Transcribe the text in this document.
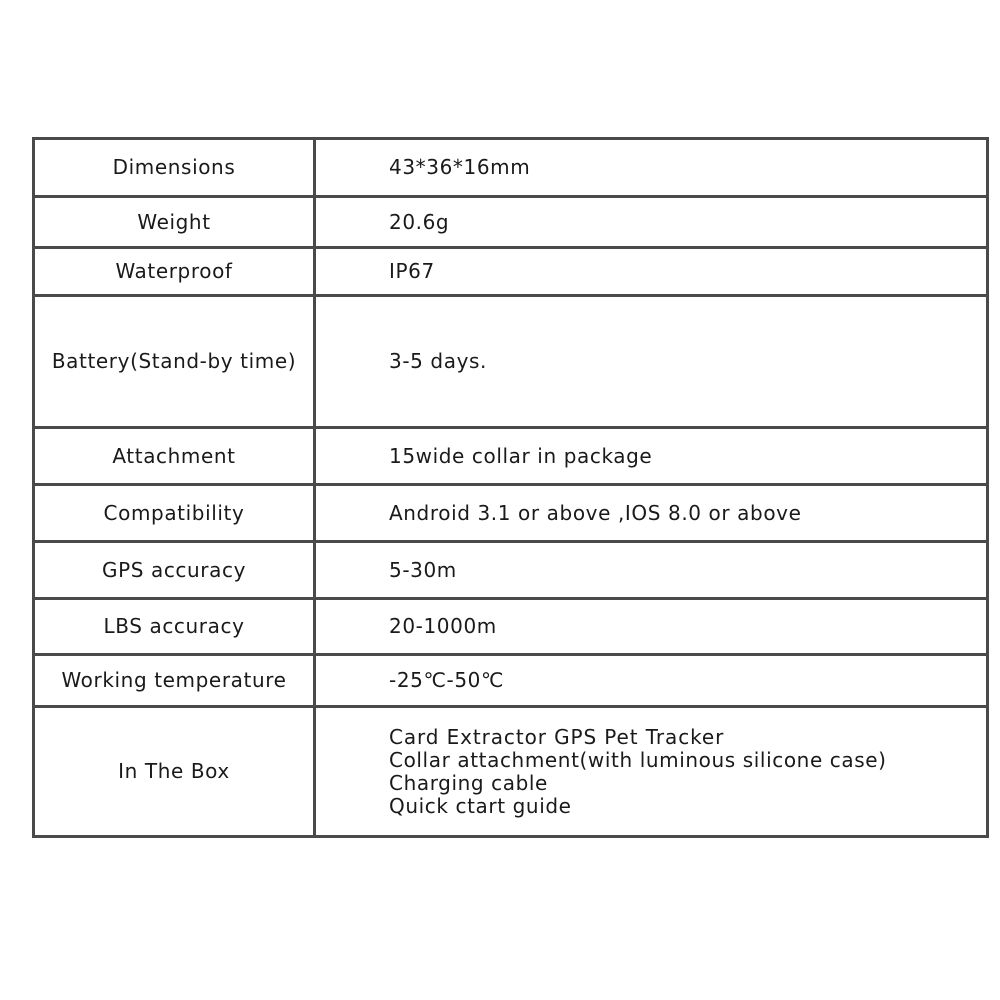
Dimensions	43*36*16mm
Weight	20.6g
Waterproof	IP67
Battery(Stand-by time)	3-5 days.
Attachment	15wide collar in package
Compatibility	Android 3.1 or above ,IOS 8.0 or above
GPS accuracy	5-30m
LBS accuracy	20-1000m
Working temperature	-25℃-50℃
In The Box	Card Extractor GPS Pet Tracker
Collar attachment(with luminous silicone case)
Charging cable
Quick ctart guide
